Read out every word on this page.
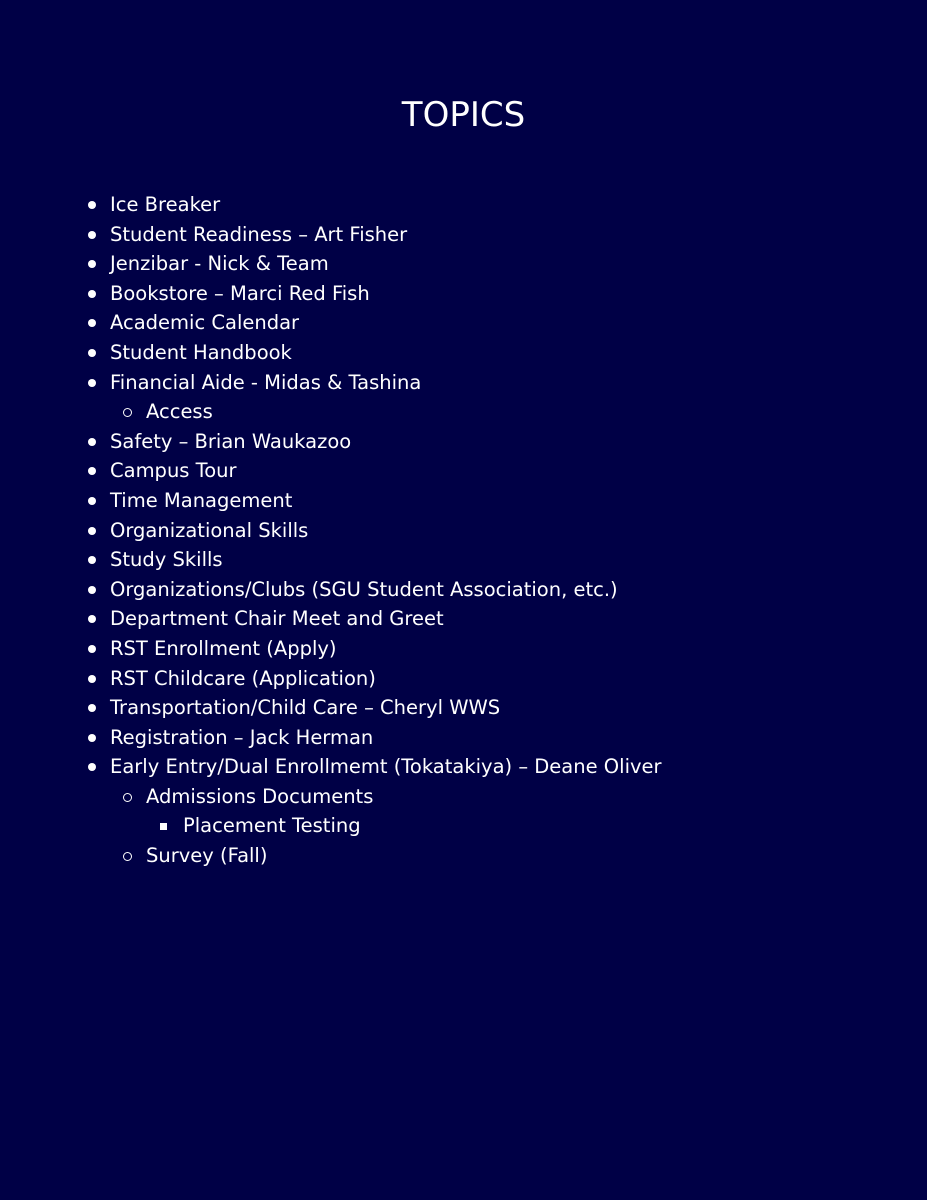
TOPICS
Ice Breaker
Student Readiness – Art Fisher
Jenzibar - Nick & Team
Bookstore – Marci Red Fish
Academic Calendar
Student Handbook
Financial Aide - Midas & Tashina
Access
Safety – Brian Waukazoo
Campus Tour
Time Management
Organizational Skills
Study Skills
Organizations/Clubs (SGU Student Association, etc.)
Department Chair Meet and Greet
RST Enrollment (Apply)
RST Childcare (Application)
Transportation/Child Care – Cheryl WWS
Registration – Jack Herman
Early Entry/Dual Enrollmemt (Tokatakiya) – Deane Oliver
Admissions Documents
Placement Testing
Survey (Fall)
